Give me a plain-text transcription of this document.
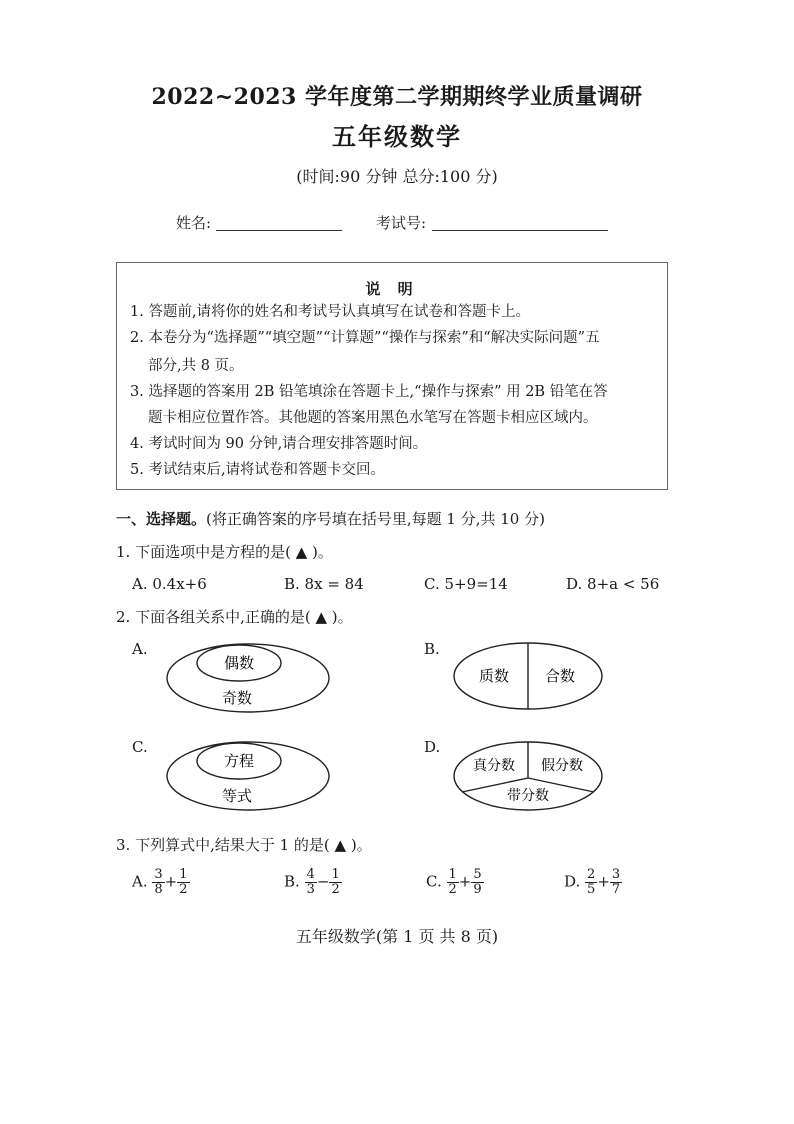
2022~2023 学年度第二学期期终学业质量调研
五年级数学
(时间:90 分钟 总分:100 分)
姓名:	考试号:
说 明
1. 答题前,请将你的姓名和考试号认真填写在试卷和答题卡上。
2. 本卷分为“选择题”“填空题”“计算题”“操作与探索”和“解决实际问题”五
部分,共 8 页。
3. 选择题的答案用 2B 铅笔填涂在答题卡上,“操作与探索” 用 2B 铅笔在答
题卡相应位置作答。其他题的答案用黑色水笔写在答题卡相应区域内。
4. 考试时间为 90 分钟,请合理安排答题时间。
5. 考试结束后,请将试卷和答题卡交回。
一、选择题。(将正确答案的序号填在括号里,每题 1 分,共 10 分)
1. 下面选项中是方程的是( ▲ )。
A. 0.4x+6	B. 8x = 84	C. 5+9=14	D. 8+a < 56
2. 下面各组关系中,正确的是( ▲ )。
A.
偶数
奇数
B.
质数 合数
C.
方程
等式
D.
真分数 假分数
带分数
3. 下列算式中,结果大于 1 的是( ▲ )。
A. $\frac{3}{8} + \frac{1}{2}$	B. $\frac{4}{3} - \frac{1}{2}$	C. $\frac{1}{2} + \frac{5}{9}$	D. $\frac{2}{5} + \frac{3}{7}$
五年级数学(第 1 页 共 8 页)
